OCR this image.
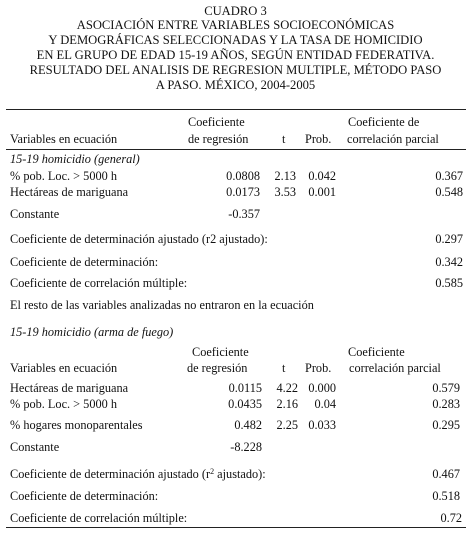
CUADRO 3
ASOCIACIÓN ENTRE VARIABLES SOCIOECONÓMICAS
Y DEMOGRÁFICAS SELECCIONADAS Y LA TASA DE HOMICIDIO
EN EL GRUPO DE EDAD 15-19 AÑOS, SEGÚN ENTIDAD FEDERATIVA.
RESULTADO DEL ANALISIS DE REGRESION MULTIPLE, MÉTODO PASO
A PASO. MÉXICO, 2004-2005
Coeficiente	Coeficiente de
Variables en ecuación	de regresión	t Prob. correlación parcial
15-19 homicidio (general)
% pob. Loc. > 5000 h	0.0808	2.13	0.042	0.367
Hectáreas de mariguana	0.0173	3.53	0.001	0.548
Constante	-0.357
Coeficiente de determinación ajustado (r2 ajustado):	0.297
Coeficiente de determinación:	0.342
Coeficiente de correlación múltiple:	0.585
El resto de las variables analizadas no entraron en la ecuación
15-19 homicidio (arma de fuego)
Coeficiente	Coeficiente
Variables en ecuación	de regresión	t Prob. correlación parcial
Hectáreas de mariguana	0.0115	4.22 0.000	0.579
% pob. Loc. > 5000 h	0.0435	2.16	0.04	0.283
% hogares monoparentales	0.482	2.25 0.033	0.295
Constante	-8.228
Coeficiente de determinación ajustado ($r^2$ ajustado):	0.467
Coeficiente de determinación:	0.518
Coeficiente de correlación múltiple:	0.72
